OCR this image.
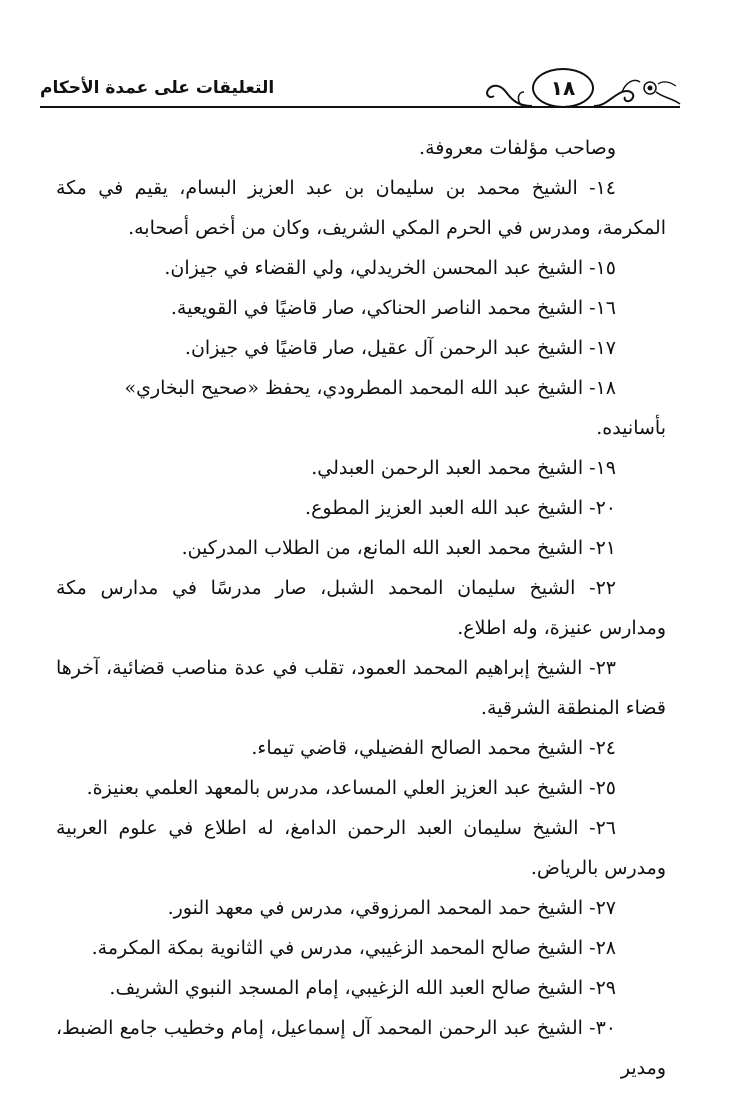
التعليقات على عمدة الأحكام	١٨

وصاحب مؤلفات معروفة.

١٤- الشيخ محمد بن سليمان بن عبد العزيز البسام، يقيم في مكة المكرمة، ومدرس في الحرم المكي الشريف، وكان من أخص أصحابه.

١٥- الشيخ عبد المحسن الخريدلي، ولي القضاء في جيزان.

١٦- الشيخ محمد الناصر الحناكي، صار قاضيًا في القويعية.

١٧- الشيخ عبد الرحمن آل عقيل، صار قاضيًا في جيزان.

١٨- الشيخ عبد الله المحمد المطرودي، يحفظ «صحيح البخاري» بأسانيده.

١٩- الشيخ محمد العبد الرحمن العبدلي.

٢٠- الشيخ عبد الله العبد العزيز المطوع.

٢١- الشيخ محمد العبد الله المانع، من الطلاب المدركين.

٢٢- الشيخ سليمان المحمد الشبل، صار مدرسًا في مدارس مكة ومدارس عنيزة، وله اطلاع.

٢٣- الشيخ إبراهيم المحمد العمود، تقلب في عدة مناصب قضائية، آخرها قضاء المنطقة الشرقية.

٢٤- الشيخ محمد الصالح الفضيلي، قاضي تيماء.

٢٥- الشيخ عبد العزيز العلي المساعد، مدرس بالمعهد العلمي بعنيزة.

٢٦- الشيخ سليمان العبد الرحمن الدامغ، له اطلاع في علوم العربية ومدرس بالرياض.

٢٧- الشيخ حمد المحمد المرزوقي، مدرس في معهد النور.

٢٨- الشيخ صالح المحمد الزغيبي، مدرس في الثانوية بمكة المكرمة.

٢٩- الشيخ صالح العبد الله الزغيبي، إمام المسجد النبوي الشريف.

٣٠- الشيخ عبد الرحمن المحمد آل إسماعيل، إمام وخطيب جامع الضبط، ومدير
